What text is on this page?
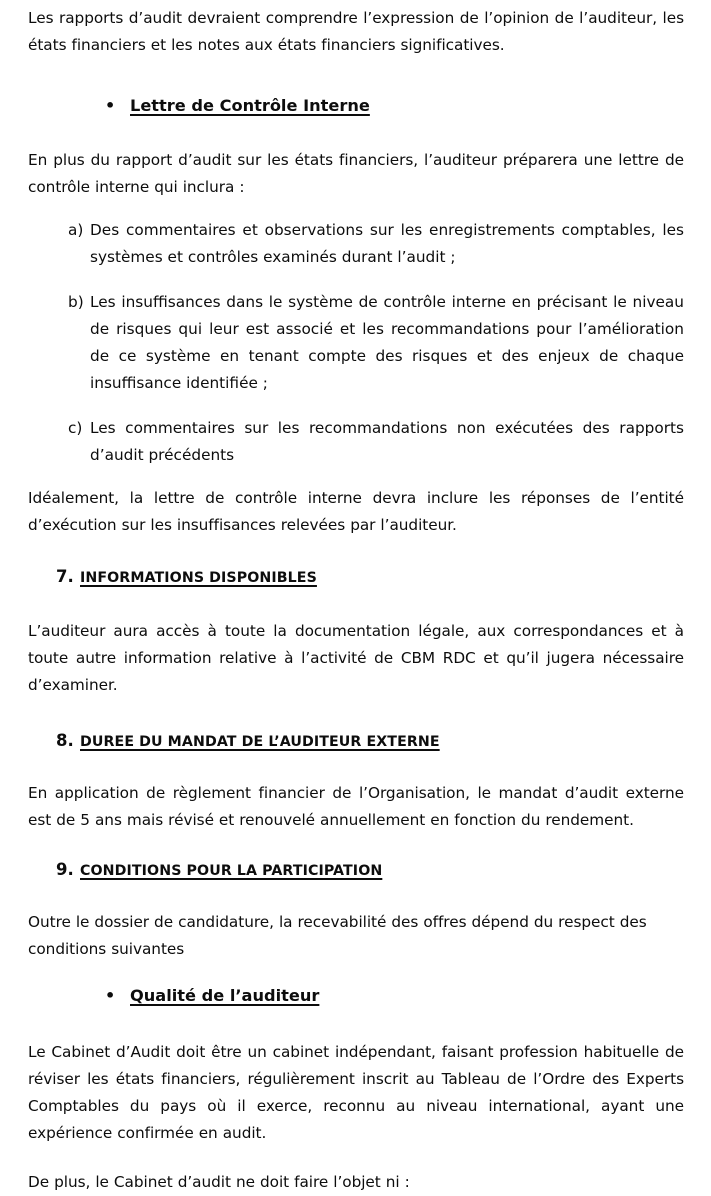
Les rapports d’audit devraient comprendre l’expression de l’opinion de l’auditeur, les états financiers et les notes aux états financiers significatives.

• Lettre de Contrôle Interne

En plus du rapport d’audit sur les états financiers, l’auditeur préparera une lettre de contrôle interne qui inclura :

a) Des commentaires et observations sur les enregistrements comptables, les systèmes et contrôles examinés durant l’audit ;
b) Les insuffisances dans le système de contrôle interne en précisant le niveau de risques qui leur est associé et les recommandations pour l’amélioration de ce système en tenant compte des risques et des enjeux de chaque insuffisance identifiée ;
c) Les commentaires sur les recommandations non exécutées des rapports d’audit précédents

Idéalement, la lettre de contrôle interne devra inclure les réponses de l’entité d’exécution sur les insuffisances relevées par l’auditeur.

7. INFORMATIONS DISPONIBLES

L’auditeur aura accès à toute la documentation légale, aux correspondances et à toute autre information relative à l’activité de CBM RDC et qu’il jugera nécessaire d’examiner.

8. DUREE DU MANDAT DE L’AUDITEUR EXTERNE

En application de règlement financier de l’Organisation, le mandat d’audit externe est de 5 ans mais révisé et renouvelé annuellement en fonction du rendement.

9. CONDITIONS POUR LA PARTICIPATION

Outre le dossier de candidature, la recevabilité des offres dépend du respect des conditions suivantes

• Qualité de l’auditeur

Le Cabinet d’Audit doit être un cabinet indépendant, faisant profession habituelle de réviser les états financiers, régulièrement inscrit au Tableau de l’Ordre des Experts Comptables du pays où il exerce, reconnu au niveau international, ayant une expérience confirmée en audit.

De plus, le Cabinet d’audit ne doit faire l’objet ni :
